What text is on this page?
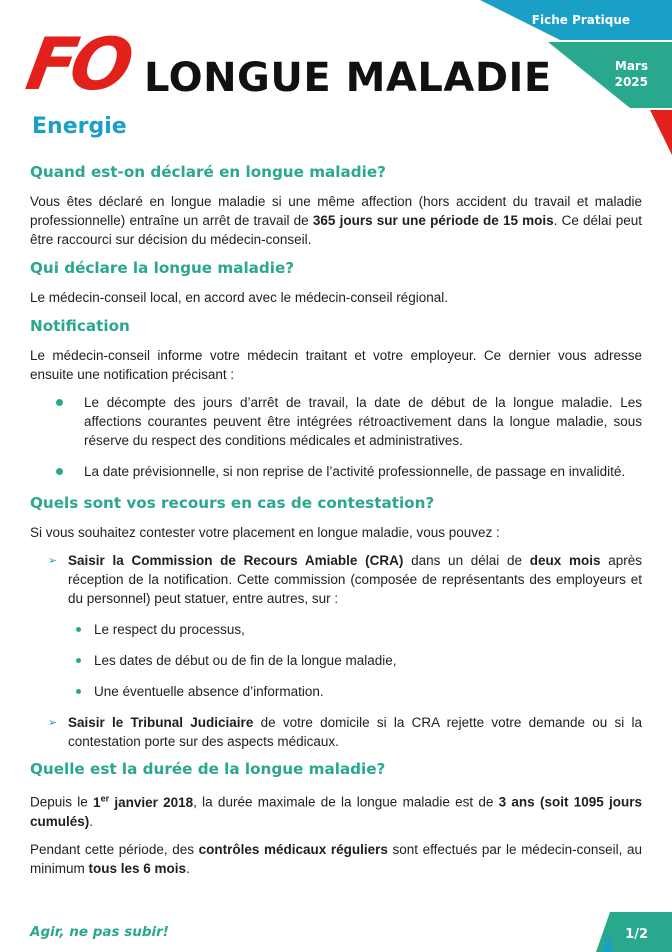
Fiche Pratique
Mars
2025
FO
Energie
LONGUE MALADIE
Quand est-on déclaré en longue maladie?

Vous êtes déclaré en longue maladie si une même affection (hors accident du travail et maladie professionnelle) entraîne un arrêt de travail de 365 jours sur une période de 15 mois. Ce délai peut être raccourci sur décision du médecin-conseil.

Qui déclare la longue maladie?

Le médecin-conseil local, en accord avec le médecin-conseil régional.

Notification

Le médecin-conseil informe votre médecin traitant et votre employeur. Ce dernier vous adresse ensuite une notification précisant :

Le décompte des jours d’arrêt de travail, la date de début de la longue maladie. Les affections courantes peuvent être intégrées rétroactivement dans la longue maladie, sous réserve du respect des conditions médicales et administratives.
La date prévisionnelle, si non reprise de l’activité professionnelle, de passage en invalidité.
Quels sont vos recours en cas de contestation?

Si vous souhaitez contester votre placement en longue maladie, vous pouvez :

➢ Saisir la Commission de Recours Amiable (CRA) dans un délai de deux mois après réception de la notification. Cette commission (composée de représentants des employeurs et du personnel) peut statuer, entre autres, sur :
Le respect du processus,
Les dates de début ou de fin de la longue maladie,
Une éventuelle absence d’information.
➢ Saisir le Tribunal Judiciaire de votre domicile si la CRA rejette votre demande ou si la contestation porte sur des aspects médicaux.
Quelle est la durée de la longue maladie?

Depuis le 1er janvier 2018, la durée maximale de la longue maladie est de 3 ans (soit 1095 jours cumulés).

Pendant cette période, des contrôles médicaux réguliers sont effectués par le médecin-conseil, au minimum tous les 6 mois.

Agir, ne pas subir!	1/2
